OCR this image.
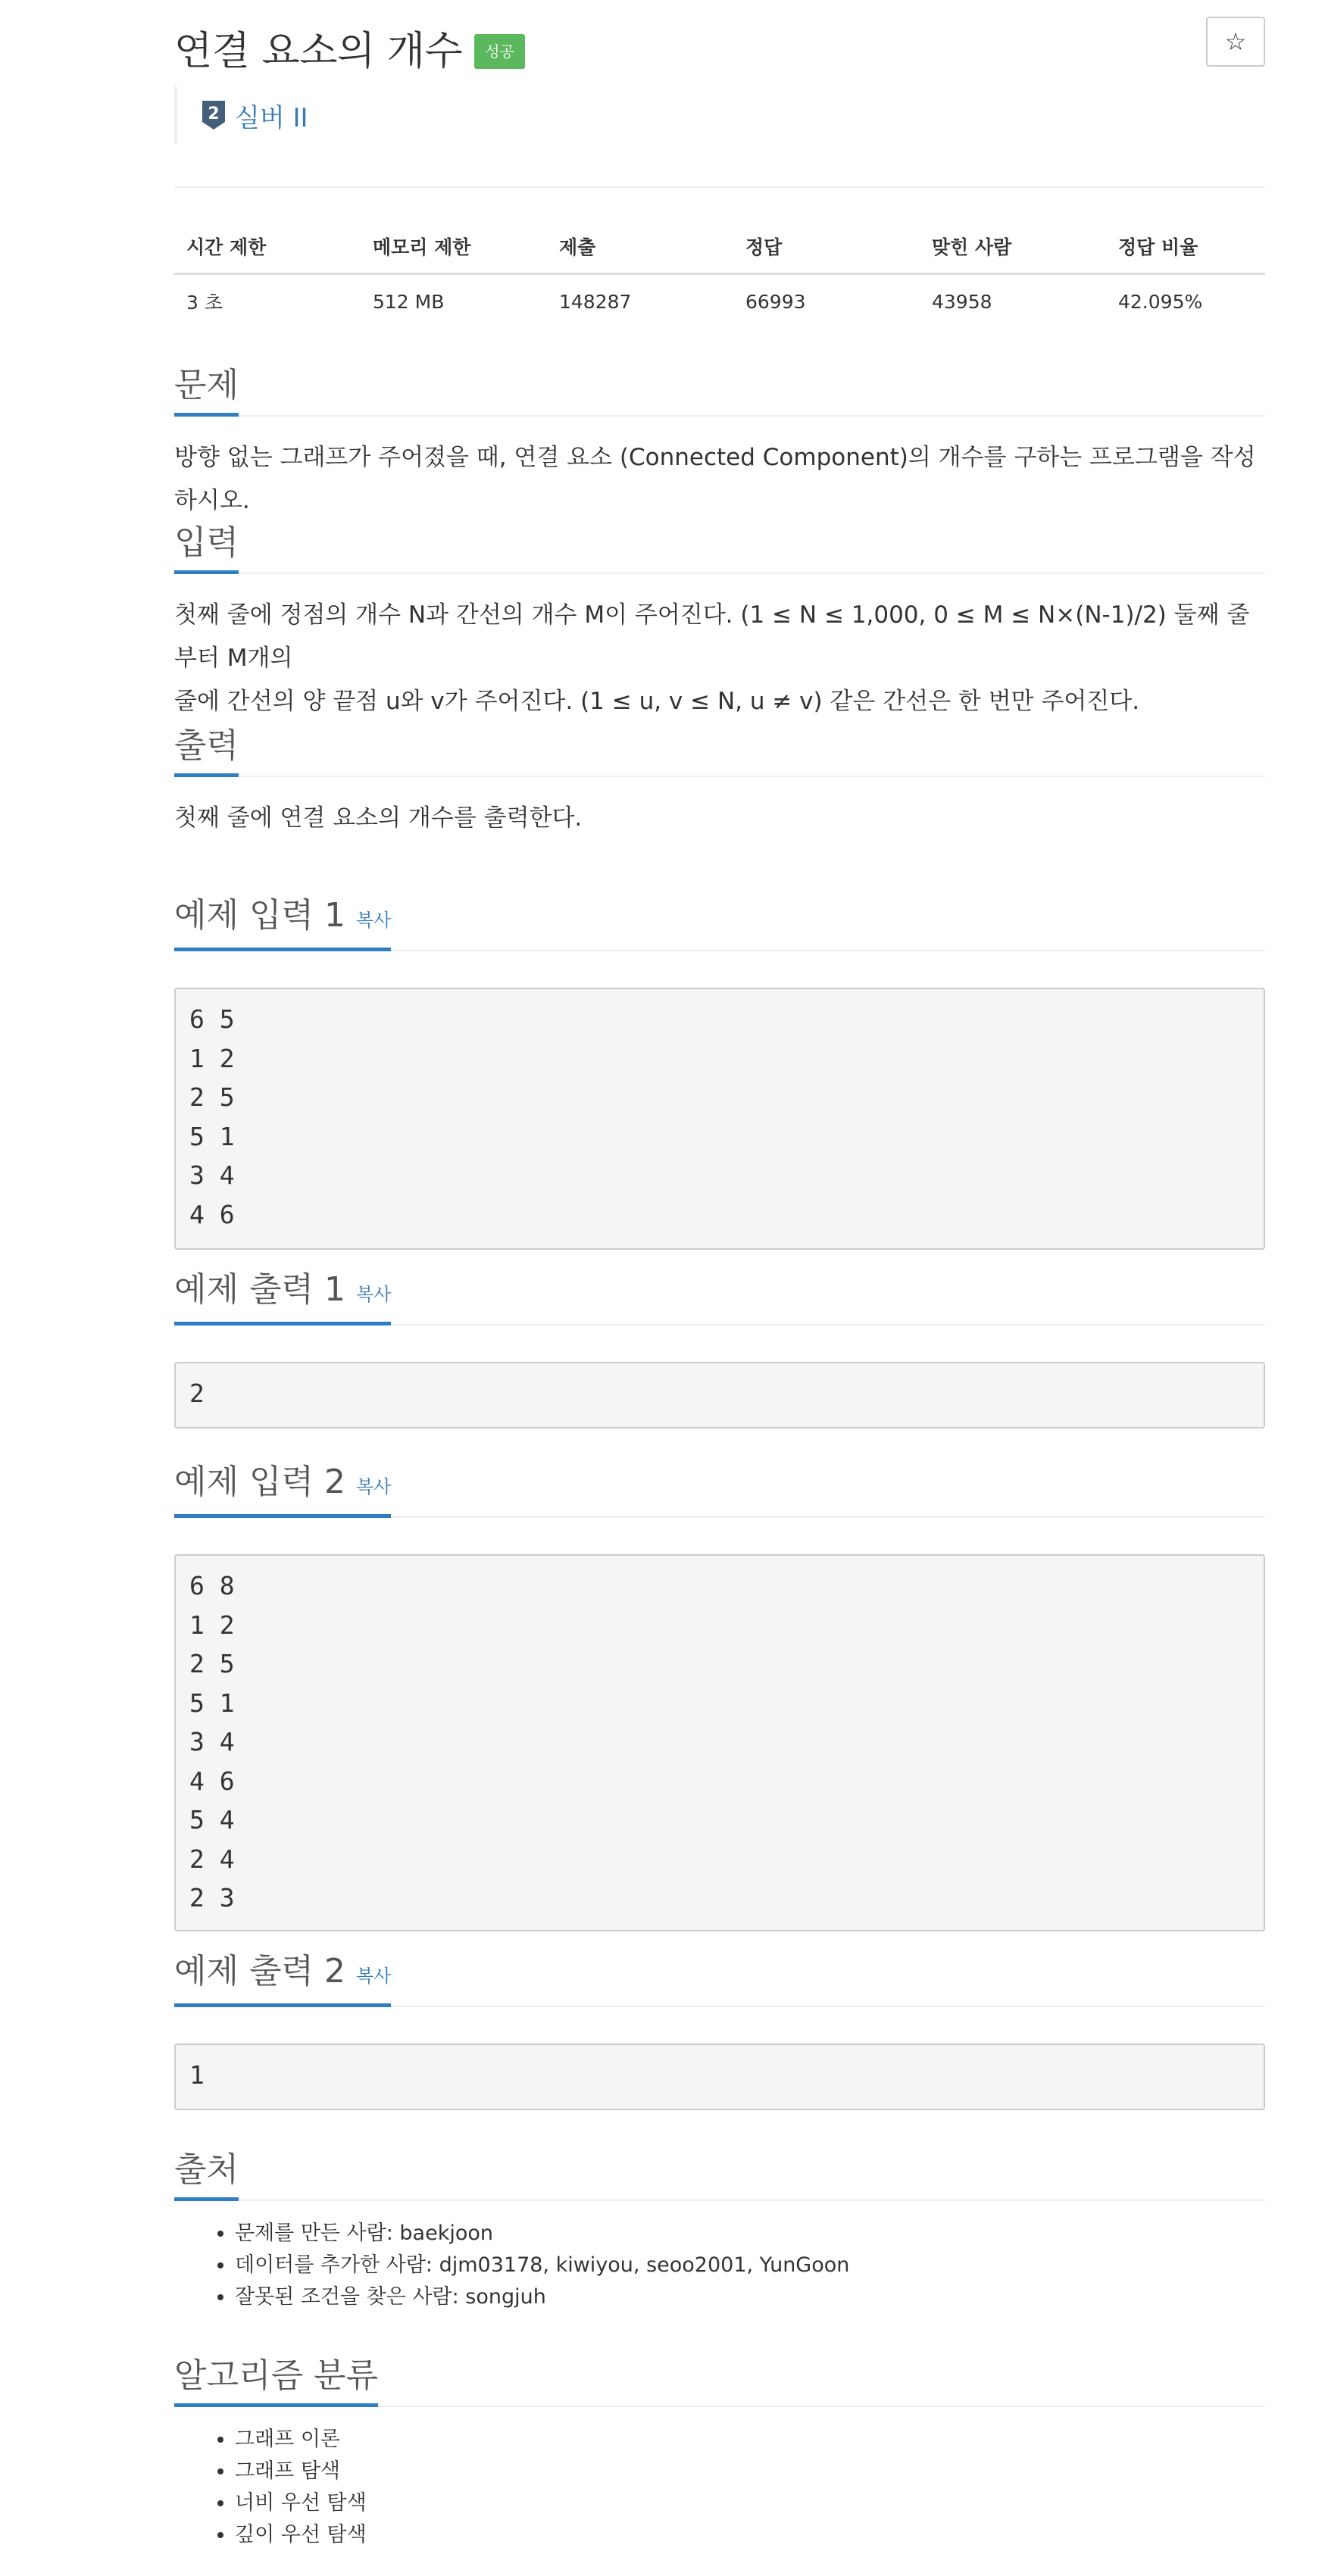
연결 요소의 개수	성공	☆
2 실버 II
시간 제한	메모리 제한	제출	정답	맞힌 사람	정답 비율
3 초	512 MB	148287	66993	43958	42.095%
문제

방향 없는 그래프가 주어졌을 때, 연결 요소 (Connected Component)의 개수를 구하는 프로그램을 작성하시오.

입력

첫째 줄에 정점의 개수 N과 간선의 개수 M이 주어진다. (1 ≤ N ≤ 1,000, 0 ≤ M ≤ N×(N-1)/2) 둘째 줄부터 M개의
줄에 간선의 양 끝점 u와 v가 주어진다. (1 ≤ u, v ≤ N, u ≠ v) 같은 간선은 한 번만 주어진다.

출력

첫째 줄에 연결 요소의 개수를 출력한다.

예제 입력 1 복사
6 5
1 2
2 5
5 1
3 4
4 6
예제 출력 1 복사
2
예제 입력 2 복사
6 8
1 2
2 5
5 1
3 4
4 6
5 4
2 4
2 3
예제 출력 2 복사
1
출처
• 문제를 만든 사람: baekjoon
• 데이터를 추가한 사람: djm03178, kiwiyou, seoo2001, YunGoon
• 잘못된 조건을 찾은 사람: songjuh
알고리즘 분류
• 그래프 이론
• 그래프 탐색
• 너비 우선 탐색
• 깊이 우선 탐색
